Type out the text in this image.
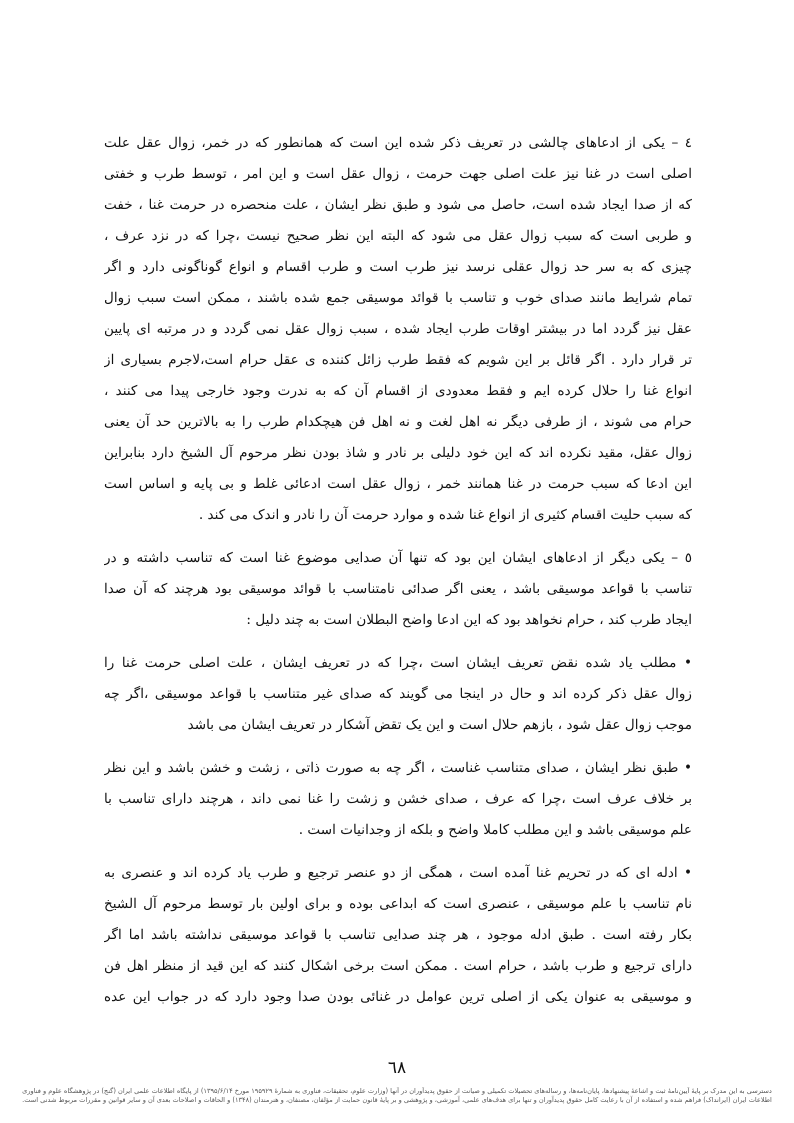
٤ – یکی از ادعاهای چالشی در تعریف ذکر شده این است که همانطور که در خمر، زوال عقل علت
اصلی است در غنا نیز علت اصلی جهت حرمت ، زوال عقل است و این امر ، توسط طرب و خفتی
که از صدا ایجاد شده است، حاصل می شود و طبق نظر ایشان ، علت منحصره در حرمت غنا ، خفت
و طربی است که سبب زوال عقل می شود که البته این نظر صحیح نیست ،چرا که در نزد عرف ،
چیزی که به سر حد زوال عقلی نرسد نیز طرب است و طرب اقسام و انواع گوناگونی دارد و اگر
تمام شرایط مانند صدای خوب و تناسب با قوائد موسیقی جمع شده باشند ، ممکن است سبب زوال
عقل نیز گردد اما در بیشتر اوقات طرب ایجاد شده ، سبب زوال عقل نمی گردد و در مرتبه ای پایین
تر قرار دارد . اگر قائل بر این شویم که فقط طرب زائل کننده ی عقل حرام است،لاجرم بسیاری از
انواع غنا را حلال کرده ایم و فقط معدودی از اقسام آن که به ندرت وجود خارجی پیدا می کنند ،
حرام می شوند ، از طرفی دیگر نه اهل لغت و نه اهل فن هیچکدام طرب را به بالاترین حد آن یعنی
زوال عقل، مقید نکرده اند که این خود دلیلی بر نادر و شاذ بودن نظر مرحوم آل الشیخ دارد بنابراین
این ادعا که سبب حرمت در غنا همانند خمر ، زوال عقل است ادعائی غلط و بی پایه و اساس است
که سبب حلیت اقسام کثیری از انواع غنا شده و موارد حرمت آن را نادر و اندک می کند .
٥ – یکی دیگر از ادعاهای ایشان این بود که تنها آن صدایی موضوع غنا است که تناسب داشته و در
تناسب با قواعد موسیقی باشد ، یعنی اگر صدائی نامتناسب با قوائد موسیقی بود هرچند که آن صدا
ایجاد طرب کند ، حرام نخواهد بود که این ادعا واضح البطلان است به چند دلیل :
• مطلب یاد شده نقض تعریف ایشان است ،چرا که در تعریف ایشان ، علت اصلی حرمت غنا را
زوال عقل ذکر کرده اند و حال در اینجا می گویند که صدای غیر متناسب با قواعد موسیقی ،اگر چه
موجب زوال عقل شود ، بازهم حلال است و این یک تقض آشکار در تعریف ایشان می باشد
• طبق نظر ایشان ، صدای متناسب غناست ، اگر چه به صورت ذاتی ، زشت و خشن باشد و این نظر
بر خلاف عرف است ،چرا که عرف ، صدای خشن و زشت را غنا نمی داند ، هرچند دارای تناسب با
علم موسیقی باشد و این مطلب کاملا واضح و بلکه از وجدانیات است .
• ادله ای که در تحریم غنا آمده است ، همگی از دو عنصر ترجیع و طرب یاد کرده اند و عنصری به
نام تناسب با علم موسیقی ، عنصری است که ابداعی بوده و برای اولین بار توسط مرحوم آل الشیخ
بکار رفته است . طبق ادله موجود ، هر چند صدایی تناسب با قواعد موسیقی نداشته باشد اما اگر
دارای ترجیع و طرب باشد ، حرام است . ممکن است برخی اشکال کنند که این قید از منظر اهل فن
و موسیقی به عنوان یکی از اصلی ترین عوامل در غنائی بودن صدا وجود دارد که در جواب این عده
٦٨
دسترسی به این مدرک بر پایهٔ آیین‌نامهٔ ثبت و اشاعهٔ پیشنهادها، پایان‌نامه‌ها، و رساله‌های تحصیلات تکمیلی و صیانت از حقوق پدیدآوران در آنها (وزارت علوم، تحقیقات، فناوری به شمارهٔ ۱۹۵۹۲۹ مورخ ۱۳۹۵/۶/۱۴) از پایگاه اطلاعات علمی ایران (گنج) در پژوهشگاه علوم و فناوری
اطلاعات ایران (ایرانداک) فراهم شده و استفاده از آن با رعایت کامل حقوق پدیدآوران و تنها برای هدف‌های علمی، آموزشی، و پژوهشی و بر پایهٔ قانون حمایت از مؤلفان، مصنفان، و هنرمندان (۱۳۴۸) و الحاقات و اصلاحات بعدی آن و سایر قوانین و مقررات مربوط شدنی است.
